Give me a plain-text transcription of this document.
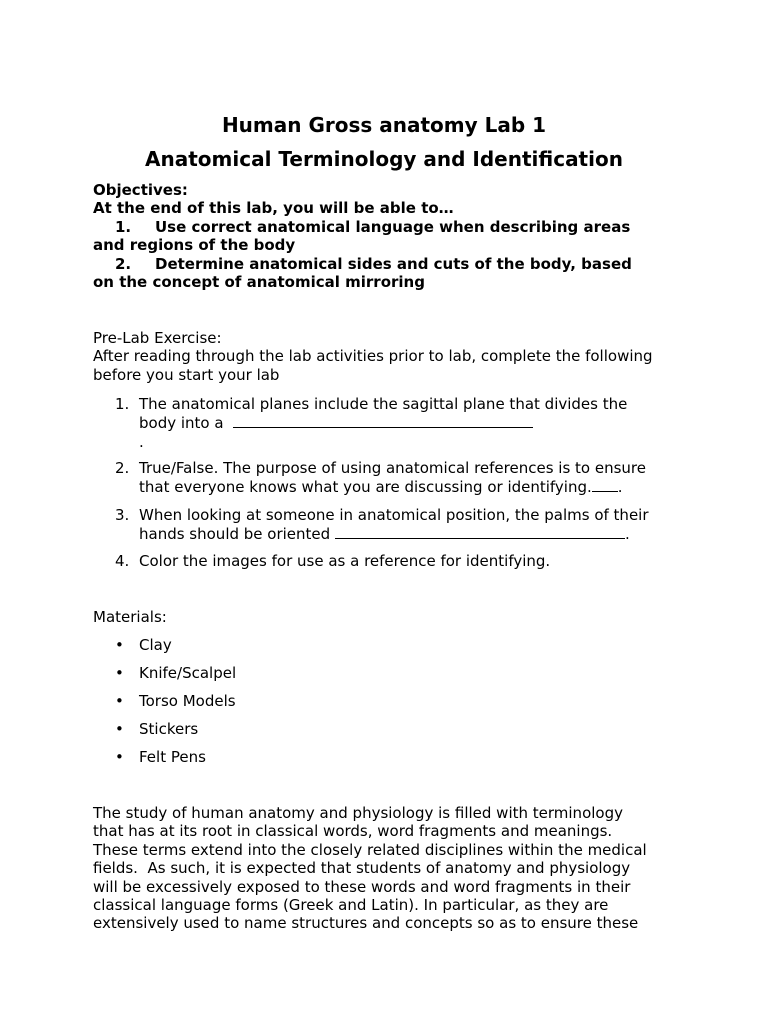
Human Gross anatomy Lab 1
Anatomical Terminology and Identification
Objectives:
At the end of this lab, you will be able to…
1. Use correct anatomical language when describing areas
and regions of the body
2. Determine anatomical sides and cuts of the body, based
on the concept of anatomical mirroring
Pre-Lab Exercise:
After reading through the lab activities prior to lab, complete the following
before you start your lab
1. The anatomical planes include the sagittal plane that divides the
body into a
.
2. True/False. The purpose of using anatomical references is to ensure
that everyone knows what you are discussing or identifying. .
3. When looking at someone in anatomical position, the palms of their
hands should be oriented	.
4. Color the images for use as a reference for identifying.
Materials:
• Clay
• Knife/Scalpel
• Torso Models
• Stickers
• Felt Pens
The study of human anatomy and physiology is filled with terminology
that has at its root in classical words, word fragments and meanings.
These terms extend into the closely related disciplines within the medical
fields.  As such, it is expected that students of anatomy and physiology
will be excessively exposed to these words and word fragments in their
classical language forms (Greek and Latin). In particular, as they are
extensively used to name structures and concepts so as to ensure these
